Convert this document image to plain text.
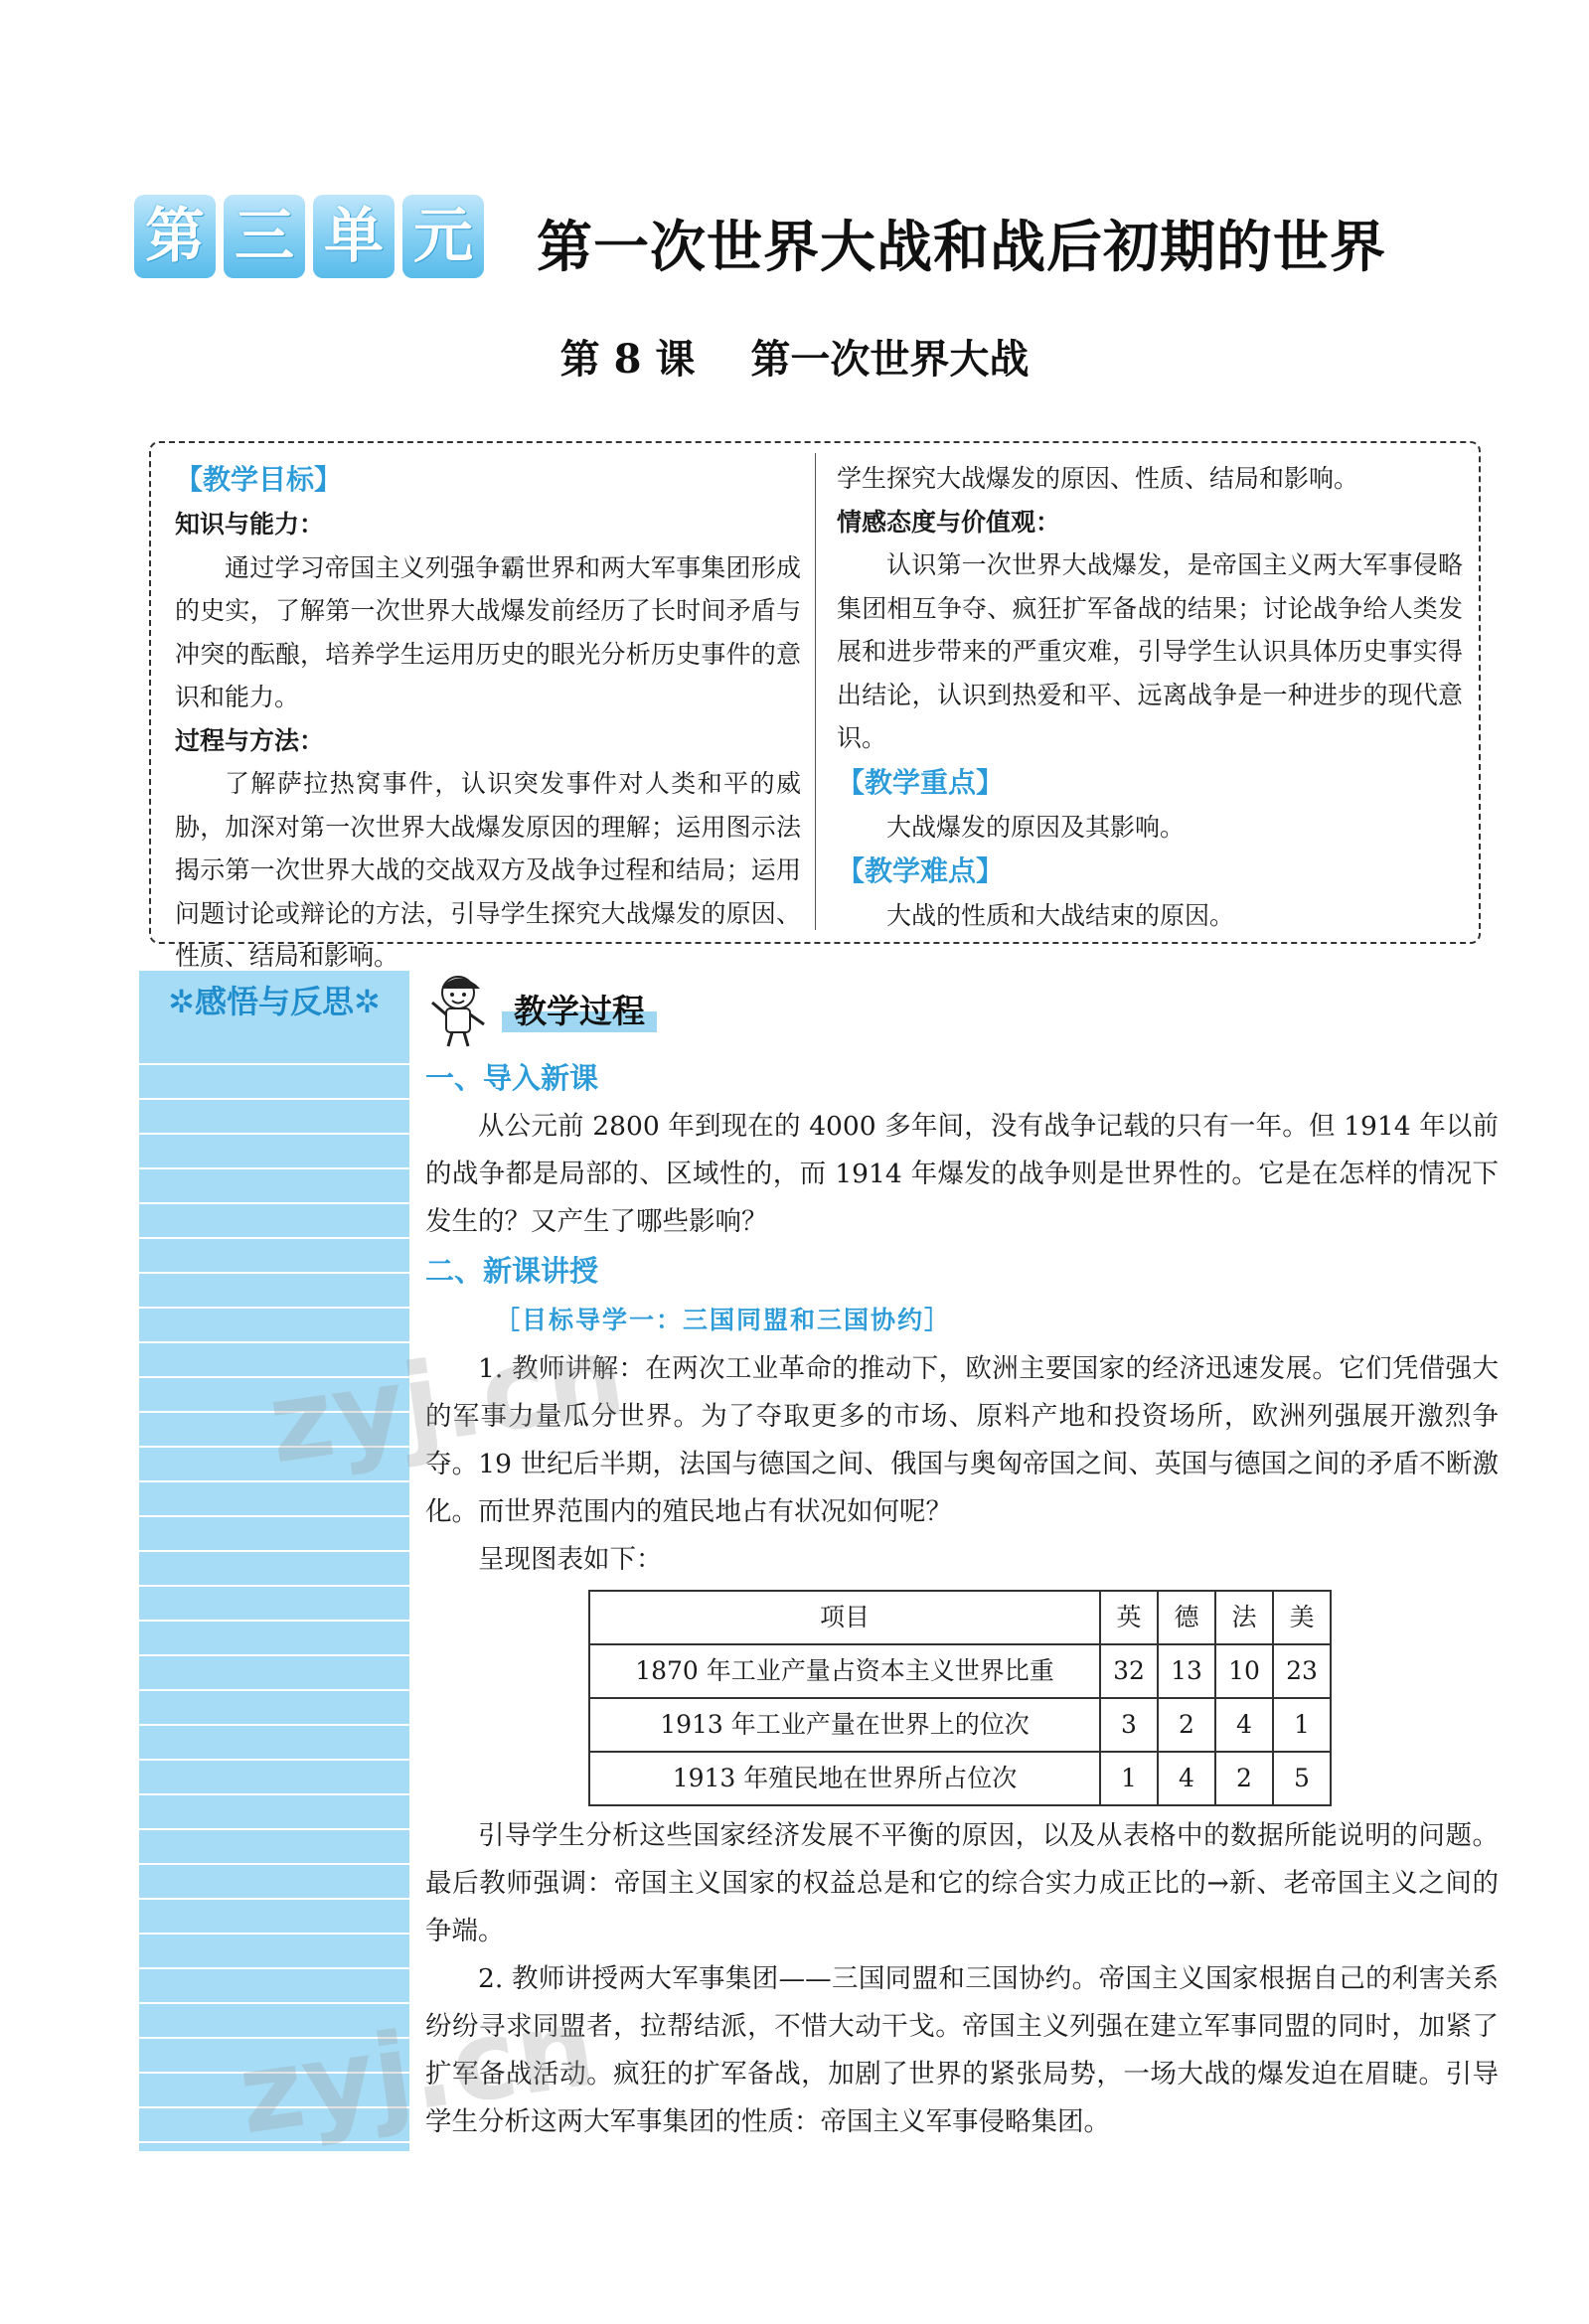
第 三 单 元 第一次世界大战和战后初期的世界
第 8 课 第一次世界大战
【教学目标】
知识与能力：
通过学习帝国主义列强争霸世界和两大军事集团形成的史实，了解第一次世界大战爆发前经历了长时间矛盾与冲突的酝酿，培养学生运用历史的眼光分析历史事件的意识和能力。
过程与方法：
了解萨拉热窝事件，认识突发事件对人类和平的威胁，加深对第一次世界大战爆发原因的理解；运用图示法揭示第一次世界大战的交战双方及战争过程和结局；运用问题讨论或辩论的方法，引导学生探究大战爆发的原因、性质、结局和影响。
学生探究大战爆发的原因、性质、结局和影响。
情感态度与价值观：
认识第一次世界大战爆发，是帝国主义两大军事侵略集团相互争夺、疯狂扩军备战的结果；讨论战争给人类发展和进步带来的严重灾难，引导学生认识具体历史事实得出结论，认识到热爱和平、远离战争是一种进步的现代意识。
【教学重点】
大战爆发的原因及其影响。
【教学难点】
大战的性质和大战结束的原因。
✲感悟与反思✲	教学过程
一、导入新课
从公元前 2800 年到现在的 4000 多年间，没有战争记载的只有一年。但 1914 年以前的战争都是局部的、区域性的，而 1914 年爆发的战争则是世界性的。它是在怎样的情况下发生的？又产生了哪些影响？
二、新课讲授
［目标导学一：三国同盟和三国协约］
1. 教师讲解：在两次工业革命的推动下，欧洲主要国家的经济迅速发展。它们凭借强大的军事力量瓜分世界。为了夺取更多的市场、原料产地和投资场所，欧洲列强展开激烈争夺。19 世纪后半期，法国与德国之间、俄国与奥匈帝国之间、英国与德国之间的矛盾不断激化。而世界范围内的殖民地占有状况如何呢？
呈现图表如下：
项目	英	德	法	美
1870 年工业产量占资本主义世界比重	32	13	10	23
1913 年工业产量在世界上的位次	3	2	4	1
1913 年殖民地在世界所占位次	1	4	2	5
引导学生分析这些国家经济发展不平衡的原因，以及从表格中的数据所能说明的问题。最后教师强调：帝国主义国家的权益总是和它的综合实力成正比的→新、老帝国主义之间的争端。
2. 教师讲授两大军事集团——三国同盟和三国协约。帝国主义国家根据自己的利害关系纷纷寻求同盟者，拉帮结派，不惜大动干戈。帝国主义列强在建立军事同盟的同时，加紧了扩军备战活动。疯狂的扩军备战，加剧了世界的紧张局势，一场大战的爆发迫在眉睫。引导学生分析这两大军事集团的性质：帝国主义军事侵略集团。
zyj.cn
zyj.cn
